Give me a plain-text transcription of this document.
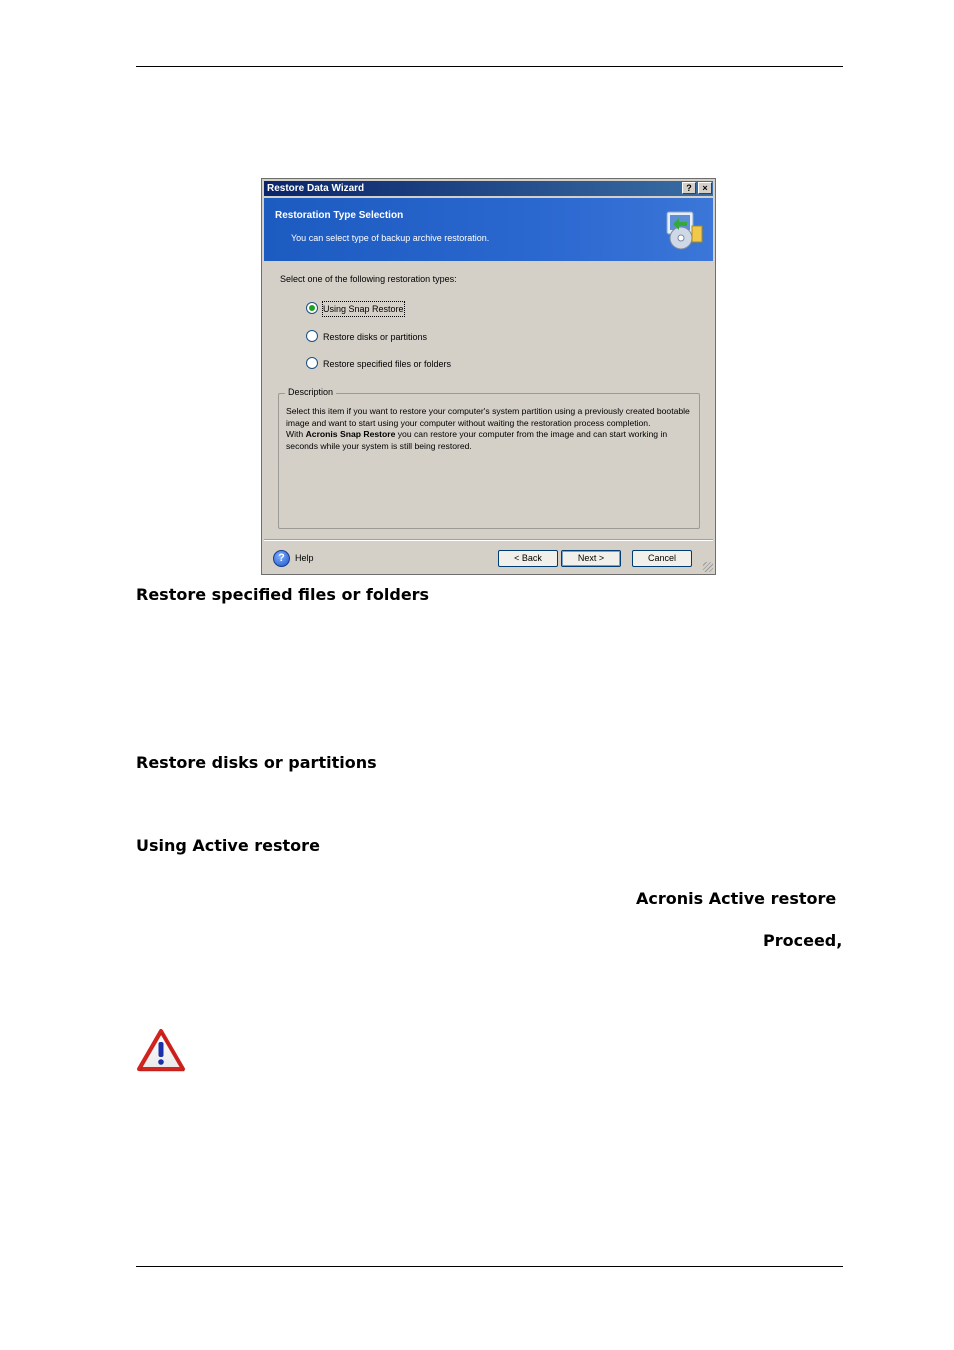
Restore Data Wizard	?	×
Restoration Type Selection
You can select type of backup archive restoration.
Select one of the following restoration types:
Using Snap Restore
Restore disks or partitions
Restore specified files or folders
Description
Select this item if you want to restore your computer's system partition using a previously created bootable image and want to start using your computer without waiting the restoration process completion.
With Acronis Snap Restore you can restore your computer from the image and can start working in seconds while your system is still being restored.
?	Help	< Back	Next >	Cancel
Restore specified files or folders
Restore disks or partitions
Using Active restore
Acronis Active restore
Proceed,
